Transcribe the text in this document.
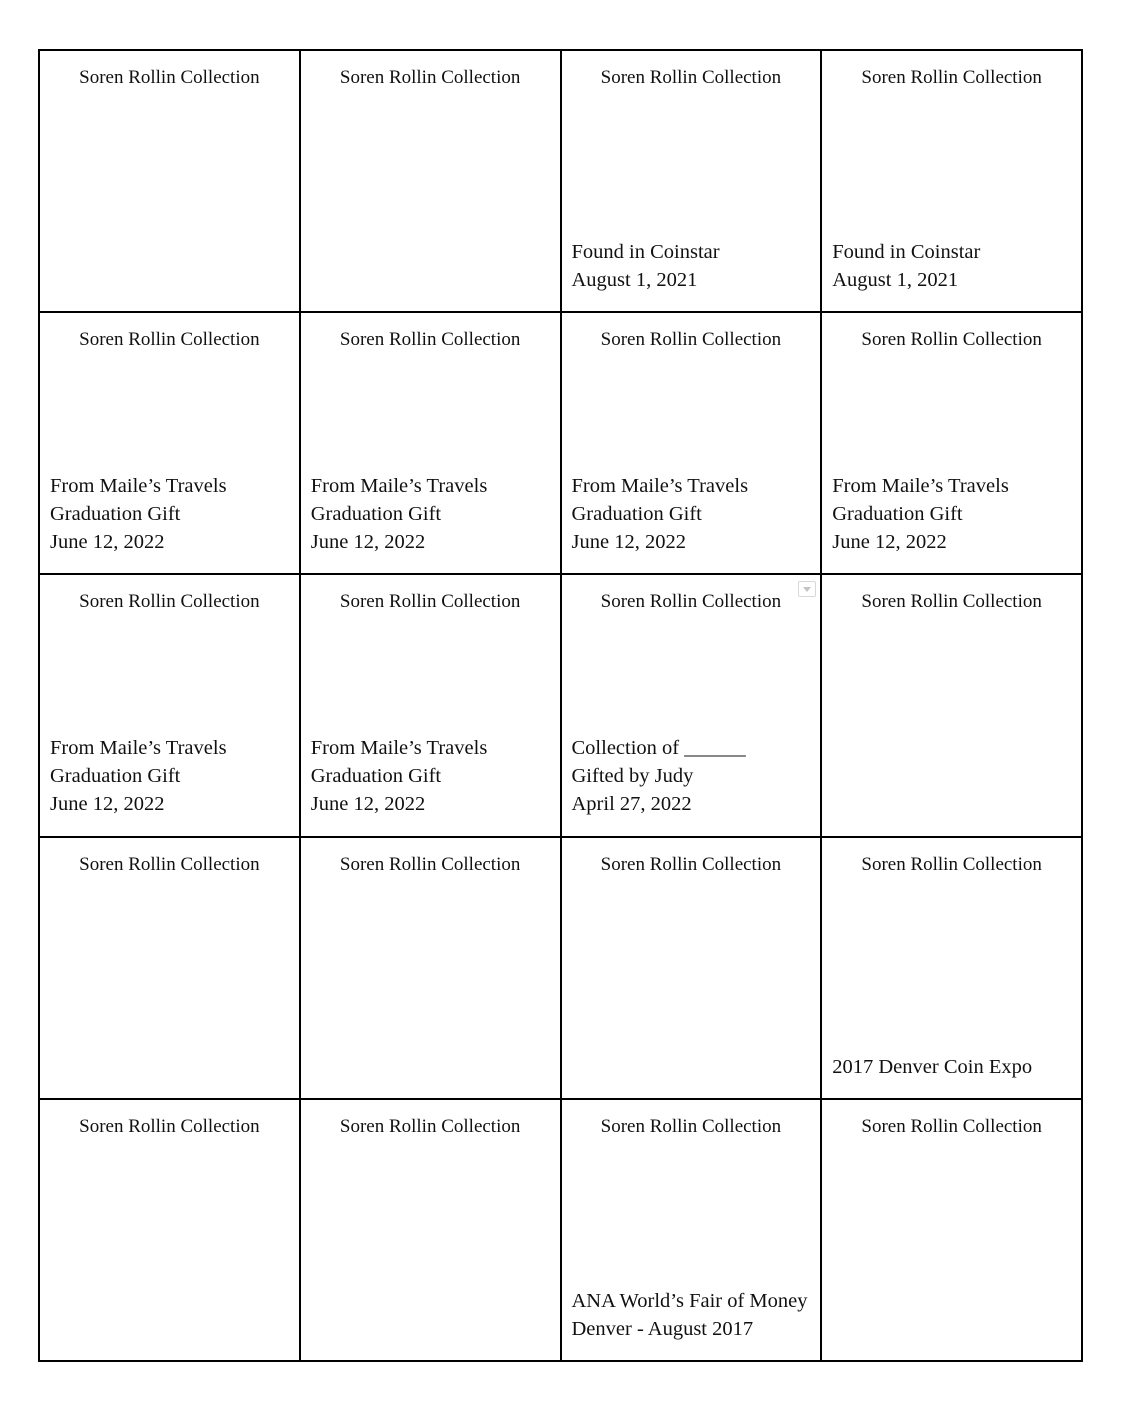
Soren Rollin Collection	Soren Rollin Collection	Soren Rollin Collection
Found in Coinstar
August 1, 2021	Soren Rollin Collection
Found in Coinstar
August 1, 2021

Soren Rollin Collection
From Maile’s Travels
Graduation Gift
June 12, 2022	Soren Rollin Collection
From Maile’s Travels
Graduation Gift
June 12, 2022	Soren Rollin Collection
From Maile’s Travels
Graduation Gift
June 12, 2022	Soren Rollin Collection
From Maile’s Travels
Graduation Gift
June 12, 2022

Soren Rollin Collection
From Maile’s Travels
Graduation Gift
June 12, 2022	Soren Rollin Collection
From Maile’s Travels
Graduation Gift
June 12, 2022	Soren Rollin Collection
Collection of ______
Gifted by Judy
April 27, 2022	Soren Rollin Collection

Soren Rollin Collection	Soren Rollin Collection	Soren Rollin Collection	Soren Rollin Collection
2017 Denver Coin Expo

Soren Rollin Collection	Soren Rollin Collection	Soren Rollin Collection
ANA World’s Fair of Money
Denver - August 2017	Soren Rollin Collection
